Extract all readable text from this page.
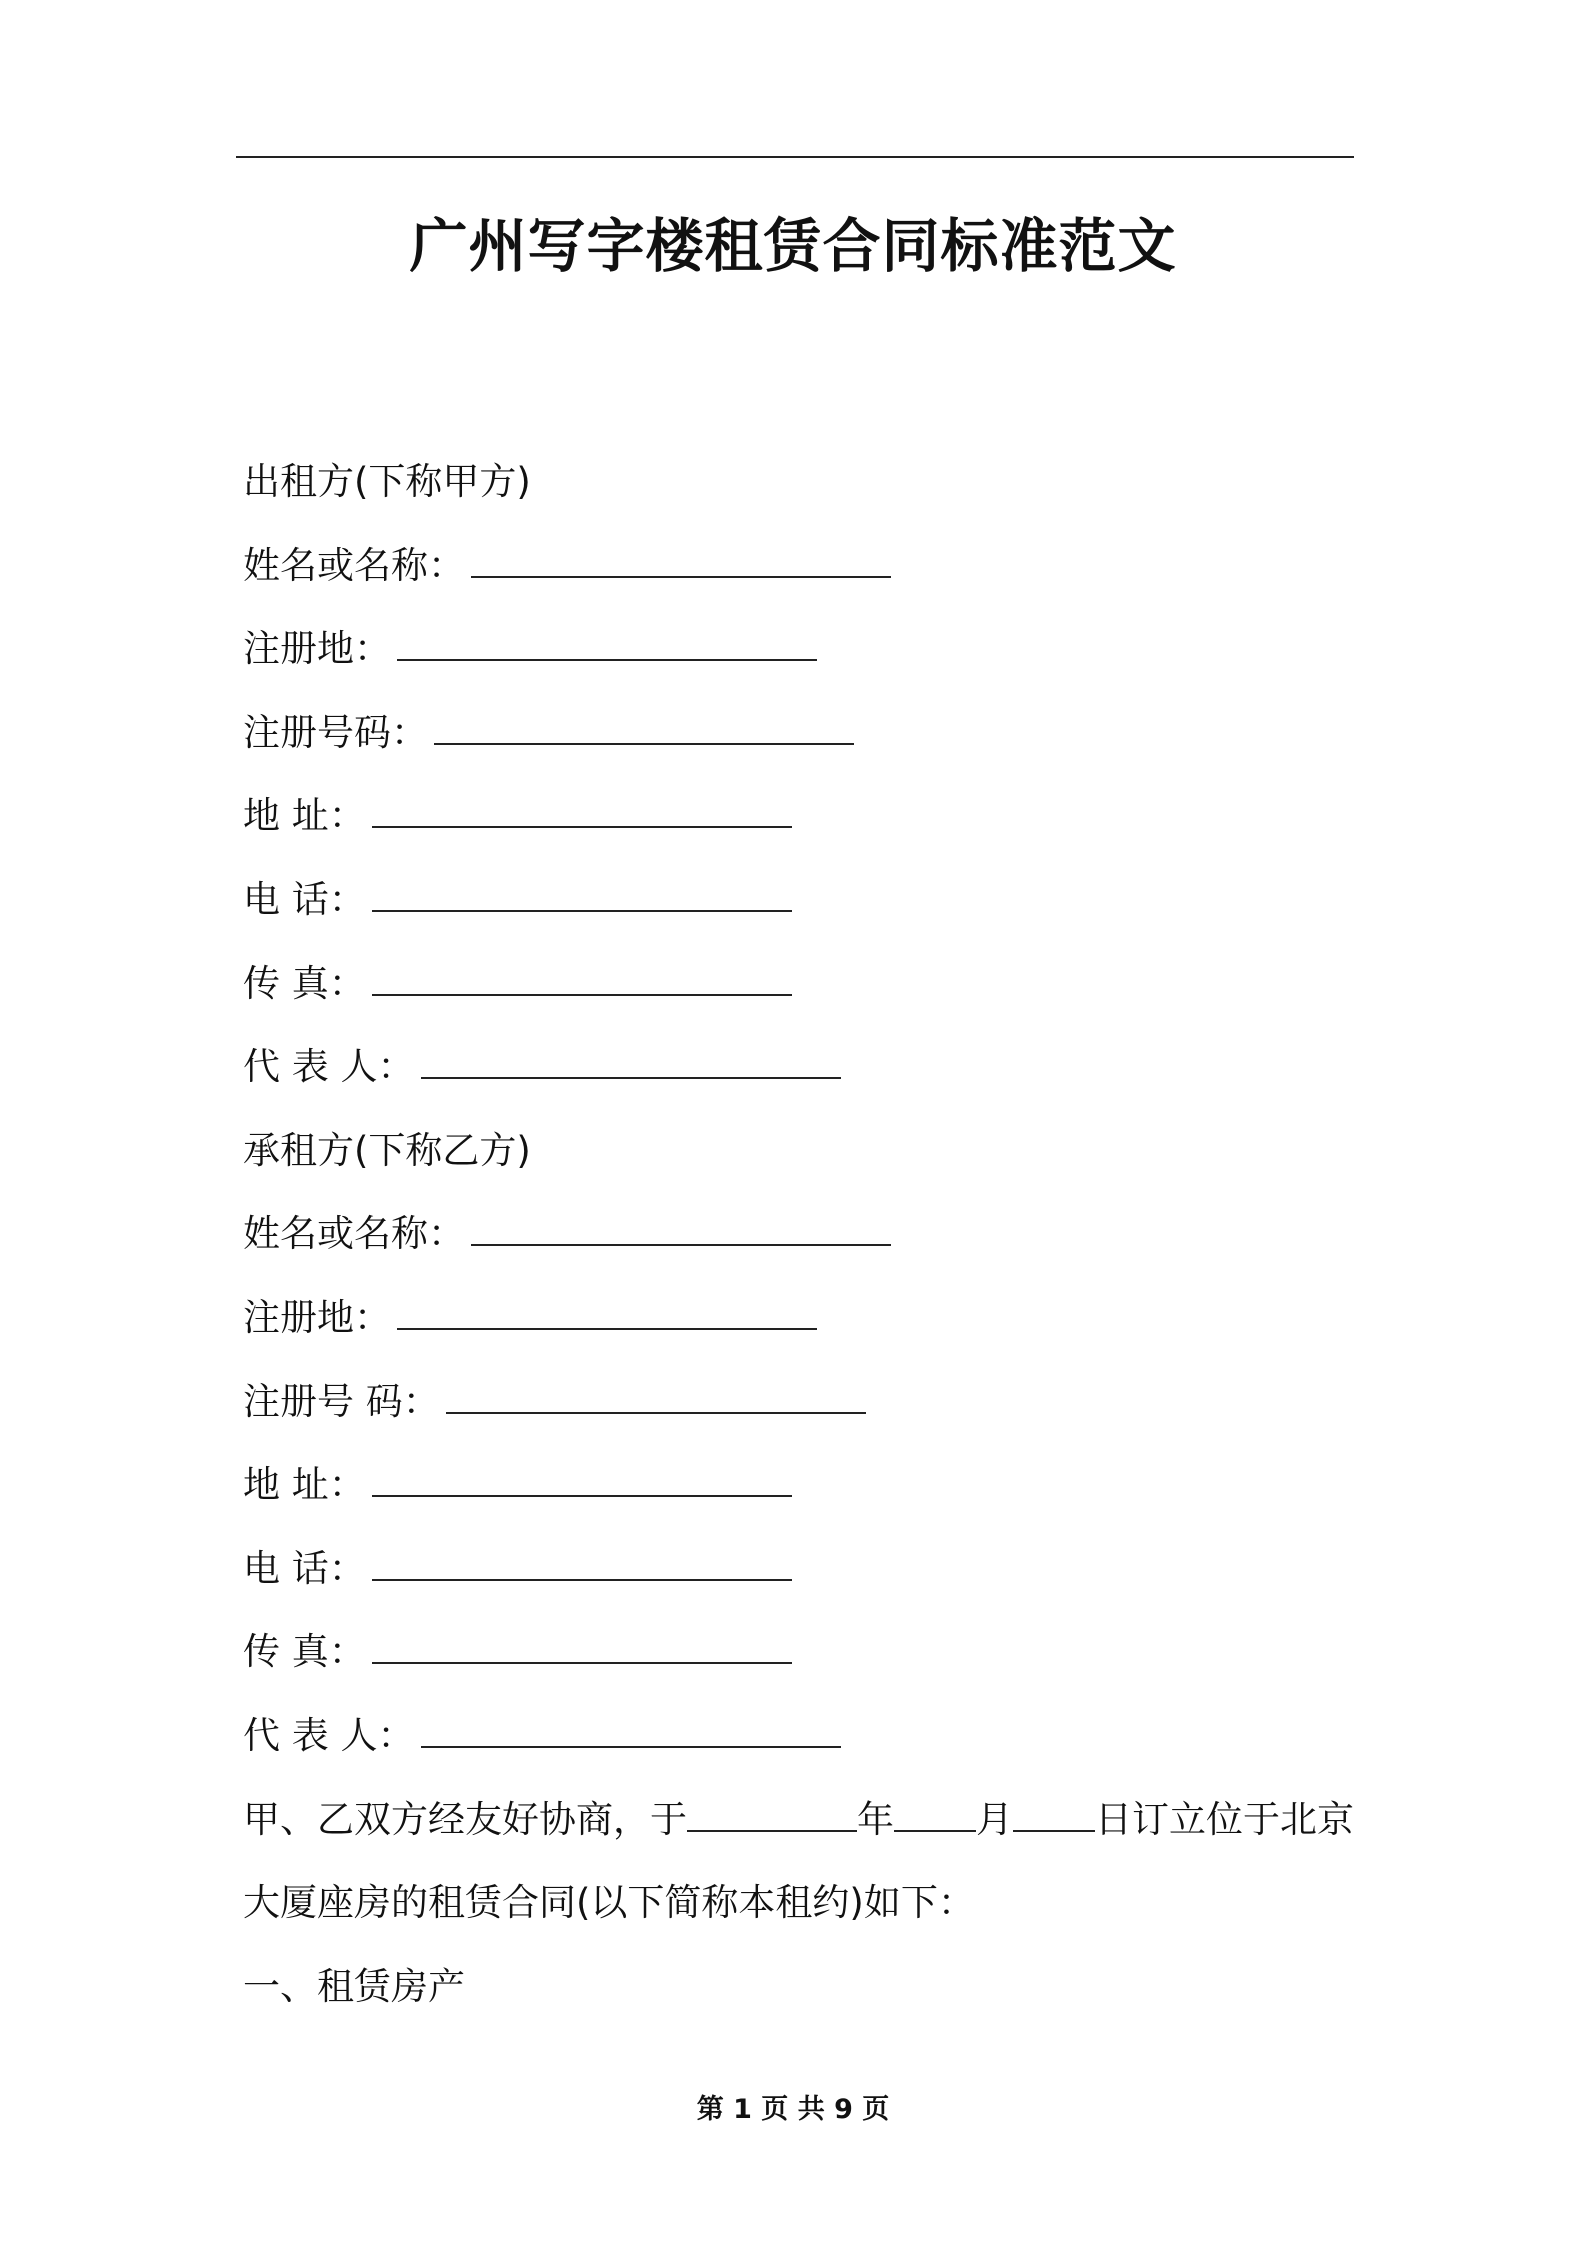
广州写字楼租赁合同标准范文
出租方(下称甲方)
姓名或名称：
注册地：
注册号码：
地 址：
电 话：
传 真：
代 表 人：
承租方(下称乙方)
姓名或名称：
注册地：
注册号 码：
地 址：
电 话：
传 真：
代 表 人：
甲、乙双方经友好协商，于	年 月 日订立位于北京
大厦座房的租赁合同(以下简称本租约)如下：
一、租赁房产
第 1 页 共 9 页
